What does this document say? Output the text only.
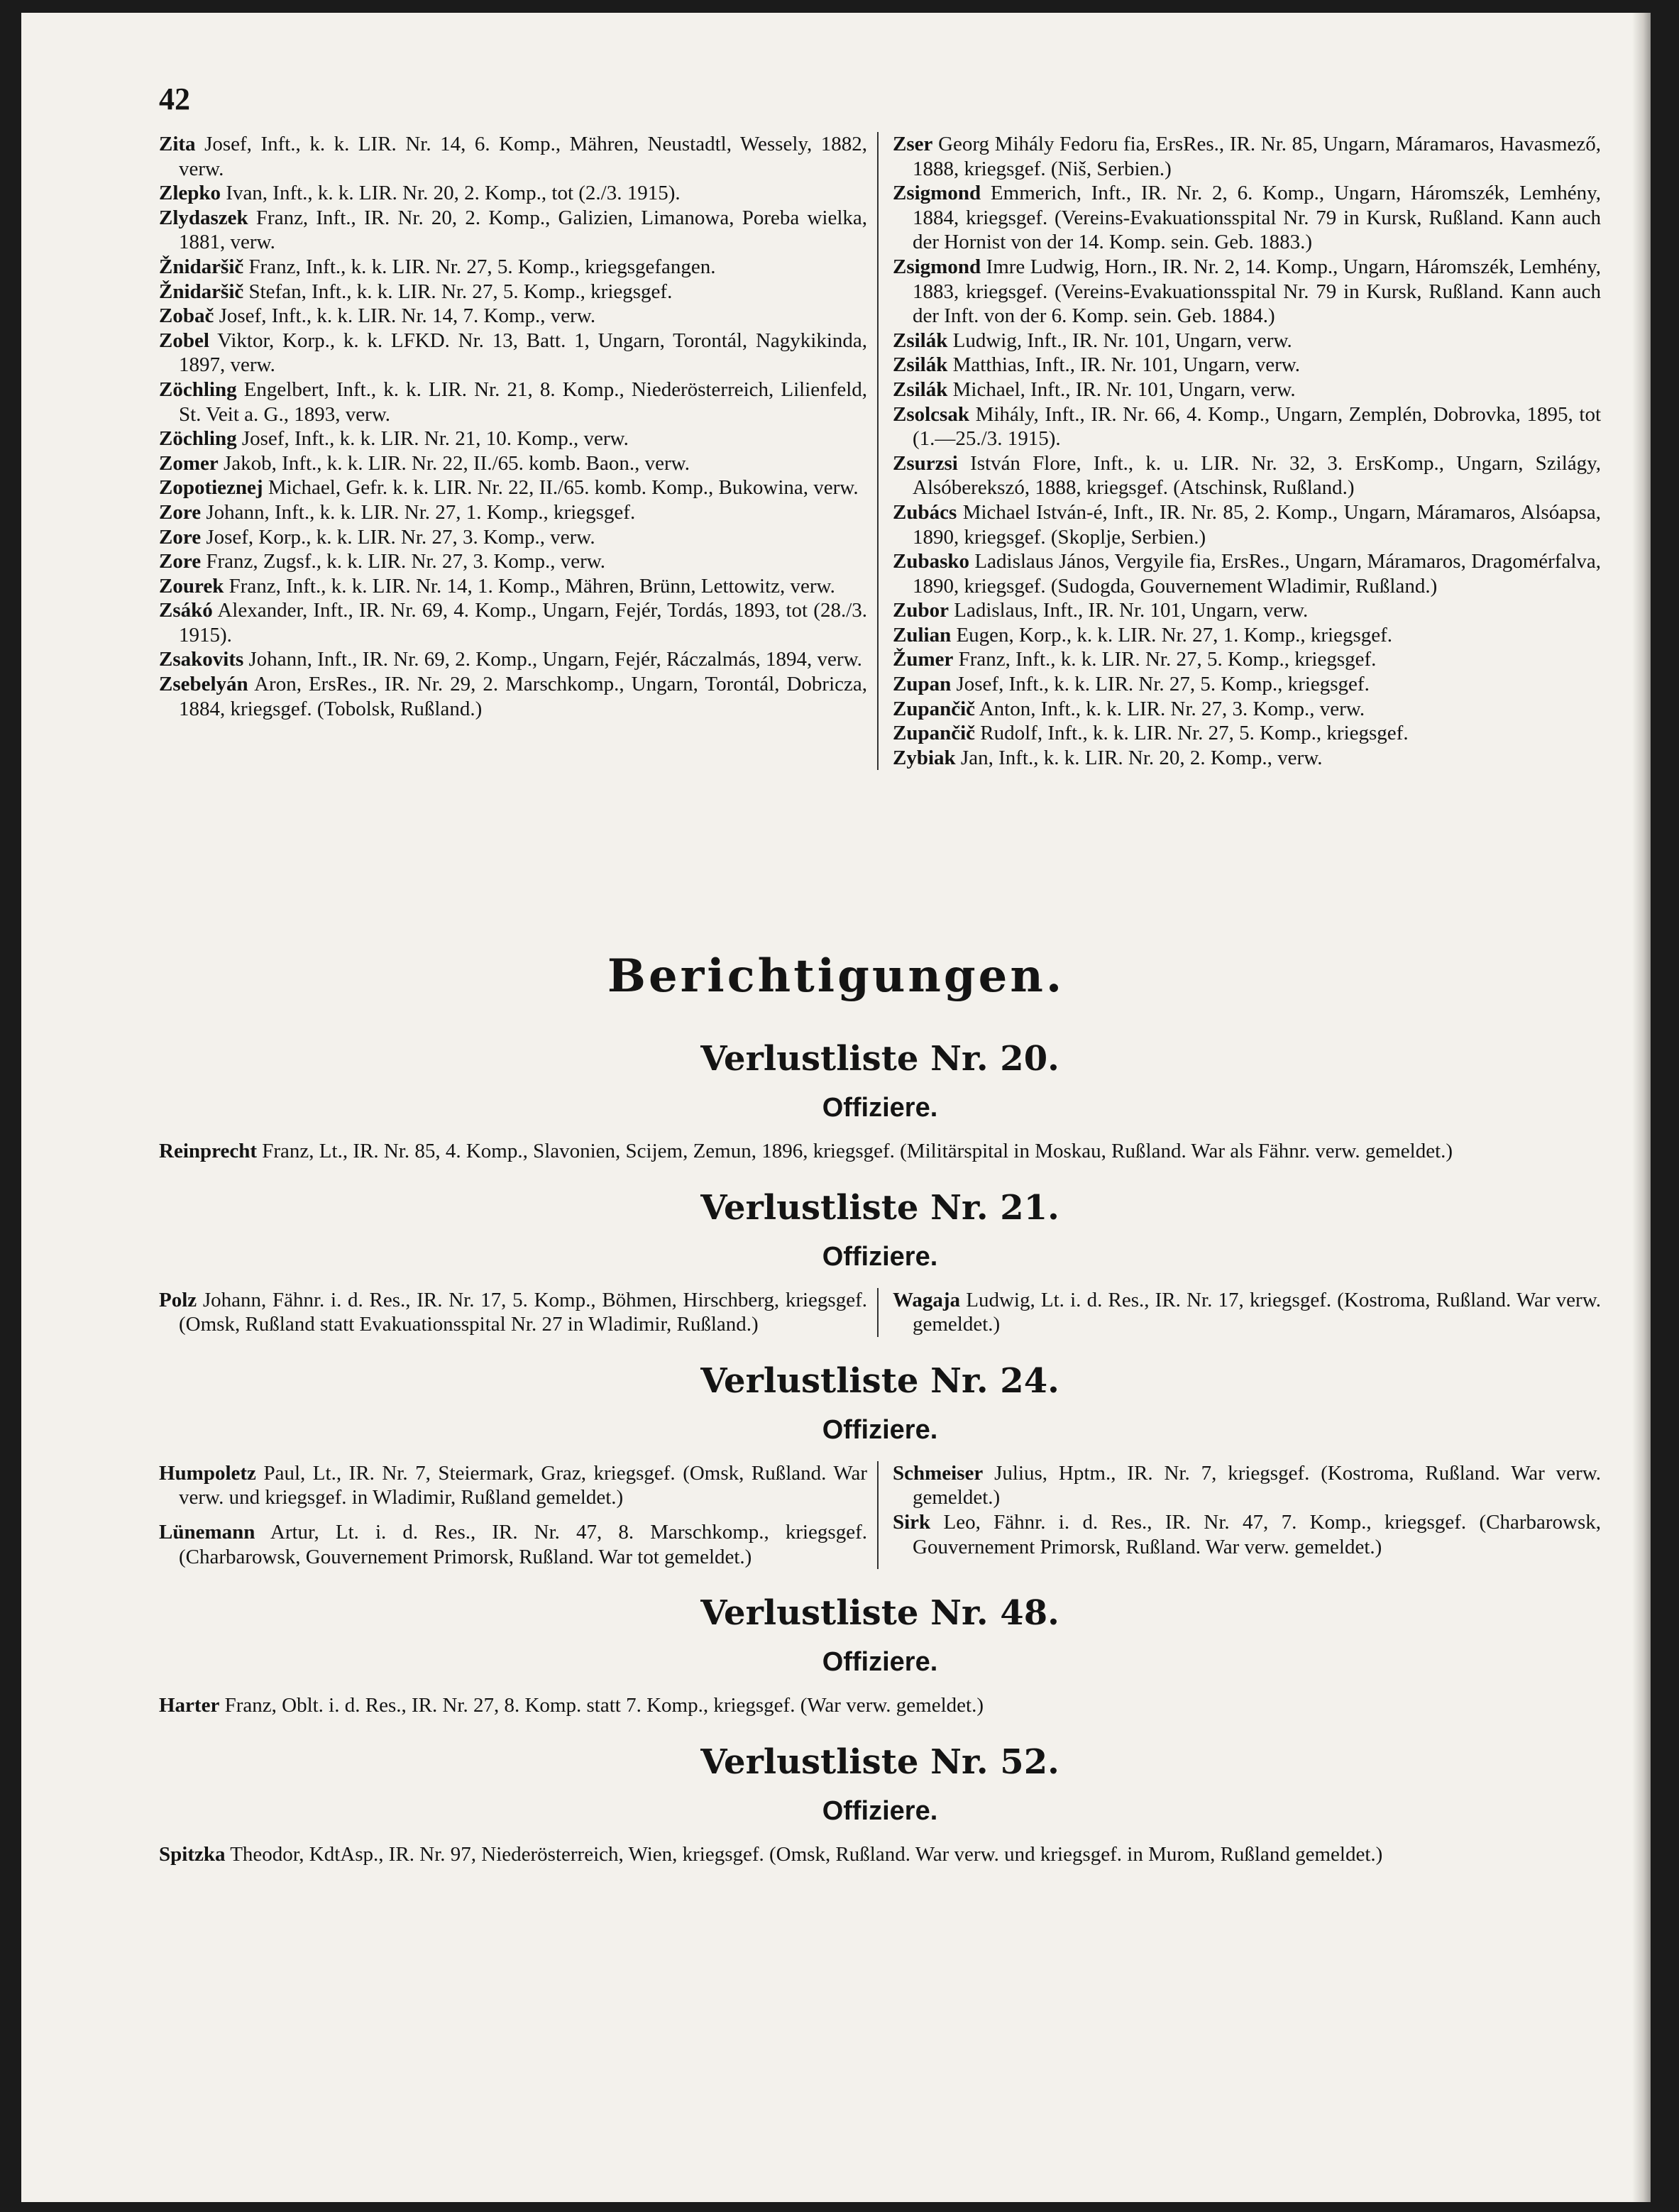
42

Zita Josef, Inft., k. k. LIR. Nr. 14, 6. Komp., Mähren, Neustadtl, Wessely, 1882, verw.

Zlepko Ivan, Inft., k. k. LIR. Nr. 20, 2. Komp., tot (2./3. 1915).

Zlydaszek Franz, Inft., IR. Nr. 20, 2. Komp., Galizien, Limanowa, Poreba wielka, 1881, verw.

Žnidaršič Franz, Inft., k. k. LIR. Nr. 27, 5. Komp., kriegsgefangen.

Žnidaršič Stefan, Inft., k. k. LIR. Nr. 27, 5. Komp., kriegsgef.

Zobač Josef, Inft., k. k. LIR. Nr. 14, 7. Komp., verw.

Zobel Viktor, Korp., k. k. LFKD. Nr. 13, Batt. 1, Ungarn, Torontál, Nagykikinda, 1897, verw.

Zöchling Engelbert, Inft., k. k. LIR. Nr. 21, 8. Komp., Niederösterreich, Lilienfeld, St. Veit a. G., 1893, verw.

Zöchling Josef, Inft., k. k. LIR. Nr. 21, 10. Komp., verw.

Zomer Jakob, Inft., k. k. LIR. Nr. 22, II./65. komb. Baon., verw.

Zopotieznej Michael, Gefr. k. k. LIR. Nr. 22, II./65. komb. Komp., Bukowina, verw.

Zore Johann, Inft., k. k. LIR. Nr. 27, 1. Komp., kriegsgef.

Zore Josef, Korp., k. k. LIR. Nr. 27, 3. Komp., verw.

Zore Franz, Zugsf., k. k. LIR. Nr. 27, 3. Komp., verw.

Zourek Franz, Inft., k. k. LIR. Nr. 14, 1. Komp., Mähren, Brünn, Lettowitz, verw.

Zsákó Alexander, Inft., IR. Nr. 69, 4. Komp., Ungarn, Fejér, Tordás, 1893, tot (28./3. 1915).

Zsakovits Johann, Inft., IR. Nr. 69, 2. Komp., Ungarn, Fejér, Ráczalmás, 1894, verw.

Zsebelyán Aron, ErsRes., IR. Nr. 29, 2. Marschkomp., Ungarn, Torontál, Dobricza, 1884, kriegsgef. (Tobolsk, Rußland.)

Zser Georg Mihály Fedoru fia, ErsRes., IR. Nr. 85, Ungarn, Máramaros, Havasmező, 1888, kriegsgef. (Niš, Serbien.)

Zsigmond Emmerich, Inft., IR. Nr. 2, 6. Komp., Ungarn, Háromszék, Lemhény, 1884, kriegsgef. (Vereins-Evakuationsspital Nr. 79 in Kursk, Rußland. Kann auch der Hornist von der 14. Komp. sein. Geb. 1883.)

Zsigmond Imre Ludwig, Horn., IR. Nr. 2, 14. Komp., Ungarn, Háromszék, Lemhény, 1883, kriegsgef. (Vereins-Evakuationsspital Nr. 79 in Kursk, Rußland. Kann auch der Inft. von der 6. Komp. sein. Geb. 1884.)

Zsilák Ludwig, Inft., IR. Nr. 101, Ungarn, verw.

Zsilák Matthias, Inft., IR. Nr. 101, Ungarn, verw.

Zsilák Michael, Inft., IR. Nr. 101, Ungarn, verw.

Zsolcsak Mihály, Inft., IR. Nr. 66, 4. Komp., Ungarn, Zemplén, Dobrovka, 1895, tot (1.—25./3. 1915).

Zsurzsi István Flore, Inft., k. u. LIR. Nr. 32, 3. ErsKomp., Ungarn, Szilágy, Alsóberekszó, 1888, kriegsgef. (Atschinsk, Rußland.)

Zubács Michael István-é, Inft., IR. Nr. 85, 2. Komp., Ungarn, Máramaros, Alsóapsa, 1890, kriegsgef. (Skoplje, Serbien.)

Zubasko Ladislaus János, Vergyile fia, ErsRes., Ungarn, Máramaros, Dragomérfalva, 1890, kriegsgef. (Sudogda, Gouvernement Wladimir, Rußland.)

Zubor Ladislaus, Inft., IR. Nr. 101, Ungarn, verw.

Zulian Eugen, Korp., k. k. LIR. Nr. 27, 1. Komp., kriegsgef.

Žumer Franz, Inft., k. k. LIR. Nr. 27, 5. Komp., kriegsgef.

Zupan Josef, Inft., k. k. LIR. Nr. 27, 5. Komp., kriegsgef.

Zupančič Anton, Inft., k. k. LIR. Nr. 27, 3. Komp., verw.

Zupančič Rudolf, Inft., k. k. LIR. Nr. 27, 5. Komp., kriegsgef.

Zybiak Jan, Inft., k. k. LIR. Nr. 20, 2. Komp., verw.

Berichtigungen.
Verlustliste Nr. 20.
Offiziere.

Reinprecht Franz, Lt., IR. Nr. 85, 4. Komp., Slavonien, Scijem, Zemun, 1896, kriegsgef. (Militärspital in Moskau, Rußland. War als Fähnr. verw. gemeldet.)

Verlustliste Nr. 21.
Offiziere.

Polz Johann, Fähnr. i. d. Res., IR. Nr. 17, 5. Komp., Böhmen, Hirschberg, kriegsgef. (Omsk, Rußland statt Evakuationsspital Nr. 27 in Wladimir, Rußland.)

Wagaja Ludwig, Lt. i. d. Res., IR. Nr. 17, kriegsgef. (Kostroma, Rußland. War verw. gemeldet.)

Verlustliste Nr. 24.
Offiziere.

Humpoletz Paul, Lt., IR. Nr. 7, Steiermark, Graz, kriegsgef. (Omsk, Rußland. War verw. und kriegsgef. in Wladimir, Rußland gemeldet.)

Lünemann Artur, Lt. i. d. Res., IR. Nr. 47, 8. Marschkomp., kriegsgef. (Charbarowsk, Gouvernement Primorsk, Rußland. War tot gemeldet.)

Schmeiser Julius, Hptm., IR. Nr. 7, kriegsgef. (Kostroma, Rußland. War verw. gemeldet.)

Sirk Leo, Fähnr. i. d. Res., IR. Nr. 47, 7. Komp., kriegsgef. (Charbarowsk, Gouvernement Primorsk, Rußland. War verw. gemeldet.)

Verlustliste Nr. 48.
Offiziere.

Harter Franz, Oblt. i. d. Res., IR. Nr. 27, 8. Komp. statt 7. Komp., kriegsgef. (War verw. gemeldet.)

Verlustliste Nr. 52.
Offiziere.

Spitzka Theodor, KdtAsp., IR. Nr. 97, Niederösterreich, Wien, kriegsgef. (Omsk, Rußland. War verw. und kriegsgef. in Murom, Rußland gemeldet.)
